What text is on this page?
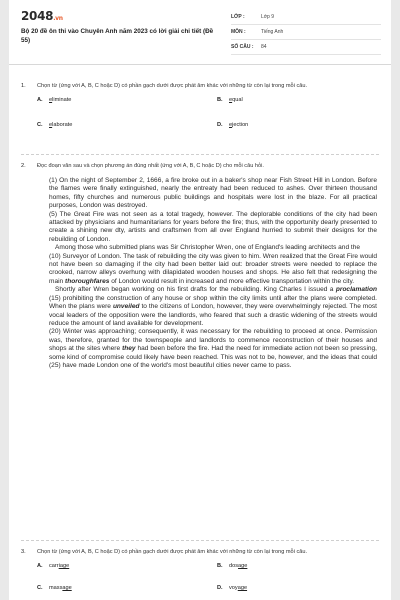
2048.vn
Bộ 20 đề ôn thi vào Chuyên Anh năm 2023 có lời giải chi tiết (Đề 55)
LỚP :	Lớp 9
MÔN :	Tiếng Anh
SỐ CÂU :	84
1. Chọn từ (ứng với A, B, C hoặc D) có phần gạch dưới được phát âm khác với những từ còn lại trong mỗi câu.
A. eliminate	B. equal
C. elaborate	D. ejection
2. Đọc đoạn văn sau và chọn phương án đúng nhất (ứng với A, B, C hoặc D) cho mỗi câu hỏi.

(1) On the night of September 2, 1666, a fire broke out in a baker's shop near Fish Street Hill in London. Before the flames were finally extinguished, nearly the entreaty had been reduced to ashes. Over thirteen thousand homes, fifty churches and numerous public buildings and hospitals were lost in the blaze. For all practical purposes, London was destroyed.

(5) The Great Fire was not seen as a total tragedy, however. The deplorable conditions of the city had been attacked by physicians and humanitarians for years before the fire; thus, with the opportunity dearly presented to create a shining new dty, artists and craftsmen from all over England hurried to submit their designs for the rebuilding of London.

Among those who submitted plans was Sir Christopher Wren, one of England's leading architects and the

(10) Surveyor of London. The task of rebuilding the city was given to him. Wren realized that the Great Fire would not have been so damaging if the city had been better laid out: broader streets were needed to replace the crooked, narrow alleys overhung with dilapidated wooden houses and shops. He also felt that redesigning the main thoroughfares of London would result in increased and more effective transportation within the city.

Shortly after Wren began working on his first drafts for the rebuilding. King Charles I issued a proclamation (15) prohibiting the construction of any house or shop within the city limits until after the plans were completed. When the plans were unveiled to the citizens of London, however, they were overwhelmingly rejected. The most vocal leaders of the opposition were the landlords, who feared that such a drastic widening of the streets would reduce the amount of land available for development.

(20) Winter was approaching; consequently, it was necessary for the rebuilding to proceed at once. Permission was, therefore, granted for the townspeople and landlords to commence reconstruction of their houses and shops at the sites where they had been before the fire. Had the need for immediate action not been so pressing, some kind of compromise could likely have been reached. This was not to be, however, and the ideas that could (25) have made London one of the world's most beautiful cities never came to pass.

3. Chọn từ (ứng với A, B, C hoặc D) có phần gạch dưới được phát âm khác với những từ còn lại trong mỗi câu.
A. carriage	B. dosage
C. massage	D. voyage
